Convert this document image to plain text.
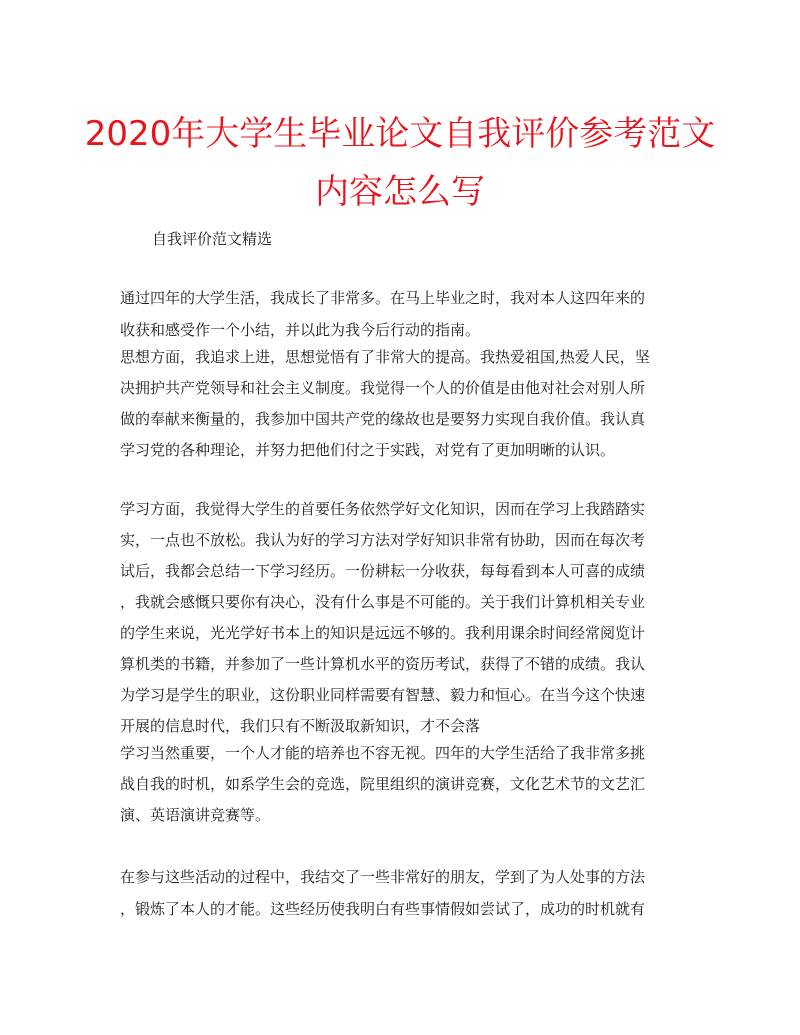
2020年大学生毕业论文自我评价参考范文
内容怎么写
自我评价范文精选
通过四年的大学生活，我成长了非常多。在马上毕业之时，我对本人这四年来的
收获和感受作一个小结，并以此为我今后行动的指南。
思想方面，我追求上进，思想觉悟有了非常大的提高。我热爱祖国,热爱人民，坚
决拥护共产党领导和社会主义制度。我觉得一个人的价值是由他对社会对别人所
做的奉献来衡量的，我参加中国共产党的缘故也是要努力实现自我价值。我认真
学习党的各种理论，并努力把他们付之于实践，对党有了更加明晰的认识。
学习方面，我觉得大学生的首要任务依然学好文化知识，因而在学习上我踏踏实
实，一点也不放松。我认为好的学习方法对学好知识非常有协助，因而在每次考
试后，我都会总结一下学习经历。一份耕耘一分收获，每每看到本人可喜的成绩
，我就会感慨只要你有决心，没有什么事是不可能的。关于我们计算机相关专业
的学生来说，光光学好书本上的知识是远远不够的。我利用课余时间经常阅览计
算机类的书籍，并参加了一些计算机水平的资历考试，获得了不错的成绩。我认
为学习是学生的职业，这份职业同样需要有智慧、毅力和恒心。在当今这个快速
开展的信息时代，我们只有不断汲取新知识，才不会落
学习当然重要，一个人才能的培养也不容无视。四年的大学生活给了我非常多挑
战自我的时机，如系学生会的竞选，院里组织的演讲竞赛，文化艺术节的文艺汇
演、英语演讲竞赛等。
在参与这些活动的过程中，我结交了一些非常好的朋友，学到了为人处事的方法
，锻炼了本人的才能。这些经历使我明白有些事情假如尝试了，成功的时机就有
